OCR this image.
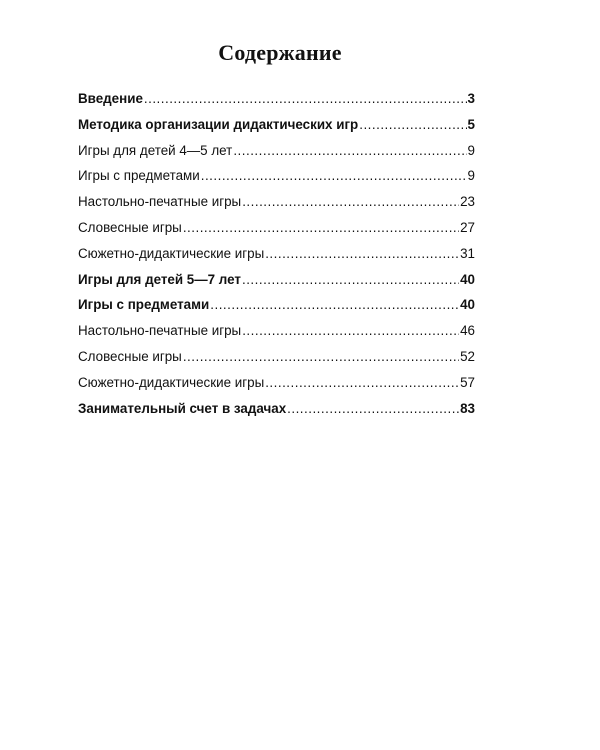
Содержание
Введение .....	3
Методика организации дидактических игр .....	5
Игры для детей 4—5 лет .....	9
Игры с предметами .....	9
Настольно-печатные игры .....	23
Словесные игры .....	27
Сюжетно-дидактические игры .....	31
Игры для детей 5—7 лет .....	40
Игры с предметами .....	40
Настольно-печатные игры .....	46
Словесные игры .....	52
Сюжетно-дидактические игры .....	57
Занимательный счет в задачах .....	83
